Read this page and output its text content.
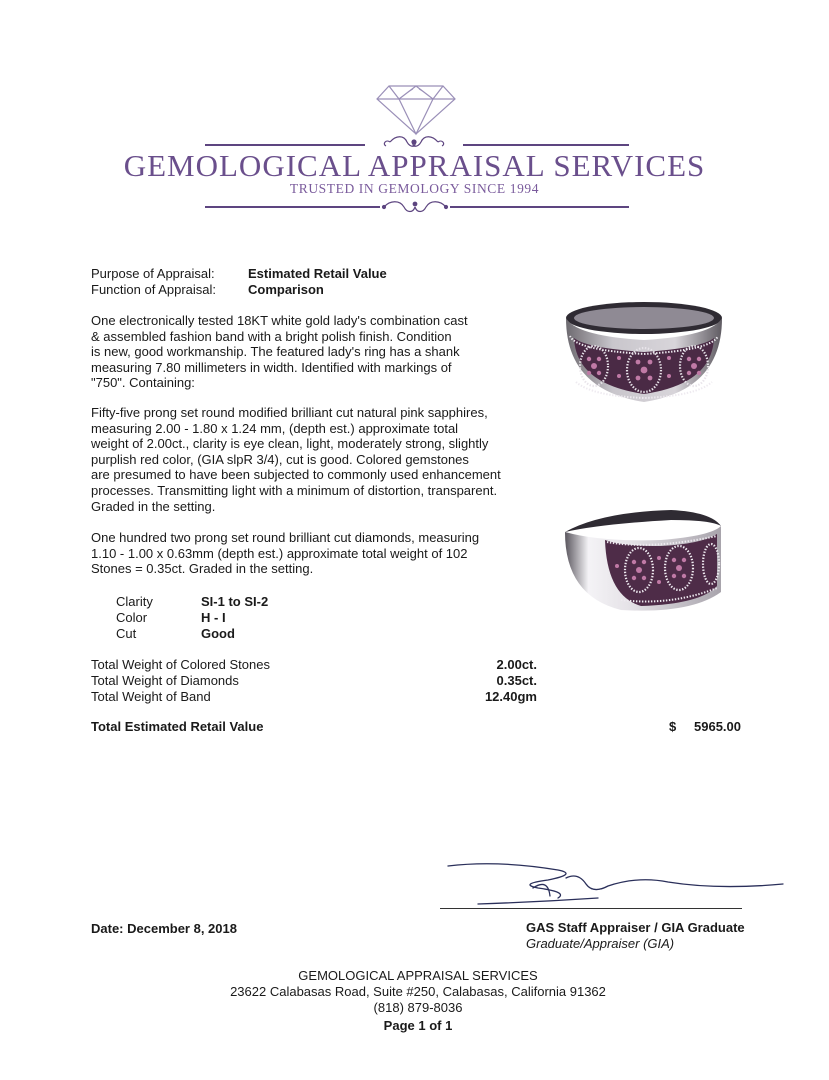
GEMOLOGICAL APPRAISAL SERVICES
TRUSTED IN GEMOLOGY SINCE 1994
Purpose of Appraisal:	Estimated Retail Value
Function of Appraisal: Comparison
One electronically tested 18KT white gold lady's combination cast
& assembled fashion band with a bright polish finish. Condition
is new, good workmanship. The featured lady's ring has a shank
measuring 7.80 millimeters in width. Identified with markings of
"750". Containing:
Fifty-five prong set round modified brilliant cut natural pink sapphires,
measuring 2.00 - 1.80 x 1.24 mm, (depth est.) approximate total
weight of 2.00ct., clarity is eye clean, light, moderately strong, slightly
purplish red color, (GIA slpR 3/4), cut is good. Colored gemstones
are presumed to have been subjected to commonly used enhancement
processes. Transmitting light with a minimum of distortion, transparent.
Graded in the setting.
One hundred two prong set round brilliant cut diamonds, measuring
1.10 - 1.00 x 0.63mm (depth est.) approximate total weight of 102
Stones = 0.35ct. Graded in the setting.
Clarity	SI-1 to SI-2
Color	H - I
Cut	Good
Total Weight of Colored Stones	2.00ct.
Total Weight of Diamonds	0.35ct.
Total Weight of Band	12.40gm
Total Estimated Retail Value	$	5965.00
Date: December 8, 2018	GAS Staff Appraiser / GIA Graduate
Graduate/Appraiser (GIA)
GEMOLOGICAL APPRAISAL SERVICES
23622 Calabasas Road, Suite #250, Calabasas, California 91362
(818) 879-8036
Page 1 of 1
